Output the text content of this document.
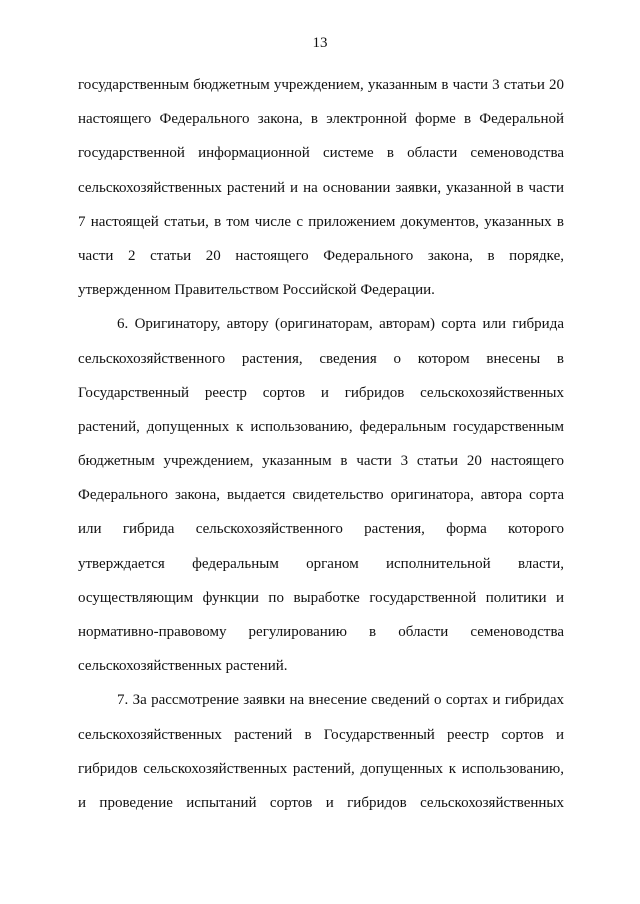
13
государственным бюджетным учреждением, указанным в части 3 статьи 20
настоящего Федерального закона, в электронной форме в Федеральной
государственной информационной системе в области семеноводства
сельскохозяйственных растений и на основании заявки, указанной в части
7 настоящей статьи, в том числе с приложением документов, указанных в
части 2 статьи 20 настоящего Федерального закона, в порядке,
утвержденном Правительством Российской Федерации.
6. Оригинатору, автору (оригинаторам, авторам) сорта или гибрида
сельскохозяйственного растения, сведения о котором внесены в
Государственный реестр сортов и гибридов сельскохозяйственных
растений, допущенных к использованию, федеральным государственным
бюджетным учреждением, указанным в части 3 статьи 20 настоящего
Федерального закона, выдается свидетельство оригинатора, автора сорта
или гибрида сельскохозяйственного растения, форма которого
утверждается федеральным органом исполнительной власти,
осуществляющим функции по выработке государственной политики и
нормативно-правовому регулированию в области семеноводства
сельскохозяйственных растений.
7. За рассмотрение заявки на внесение сведений о сортах и гибридах
сельскохозяйственных растений в Государственный реестр сортов и
гибридов сельскохозяйственных растений, допущенных к использованию,
и проведение испытаний сортов и гибридов сельскохозяйственных
